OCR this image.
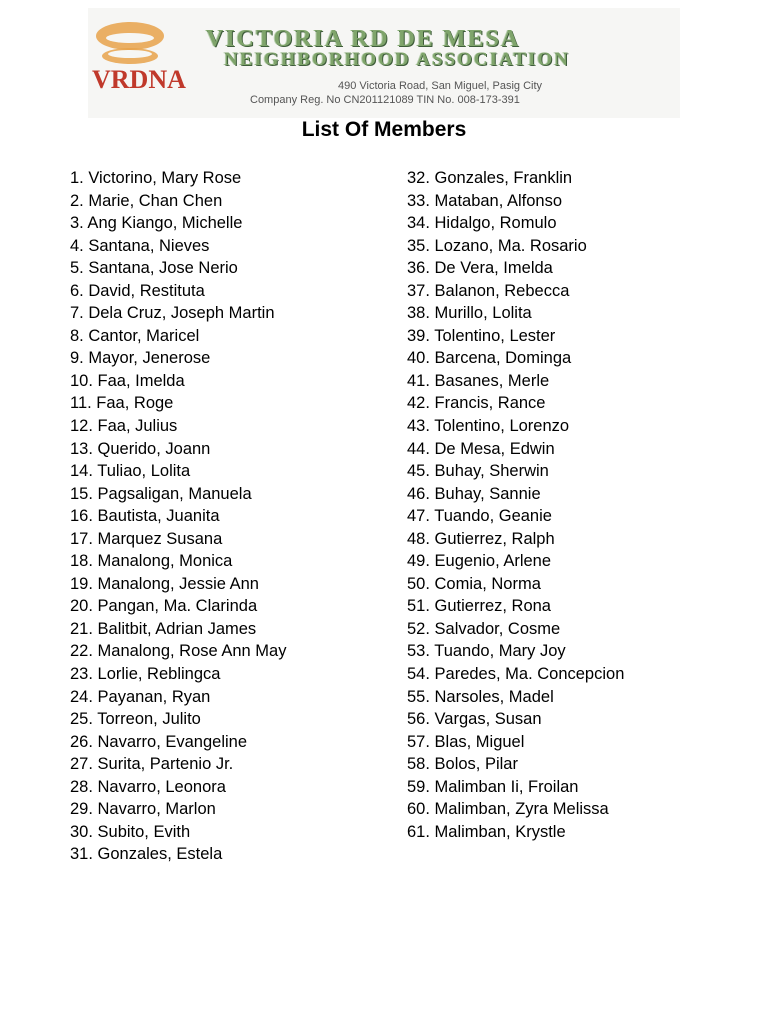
VRDNA
VICTORIA RD DE MESA
NEIGHBORHOOD ASSOCIATION
490 Victoria Road, San Miguel, Pasig City
Company Reg. No CN201121089 TIN No. 008-173-391
List Of Members
1. Victorino, Mary Rose
2. Marie, Chan Chen
3. Ang Kiango, Michelle
4. Santana, Nieves
5. Santana, Jose Nerio
6. David, Restituta
7. Dela Cruz, Joseph Martin
8. Cantor, Maricel
9. Mayor, Jenerose
10. Faa, Imelda
11. Faa, Roge
12. Faa, Julius
13. Querido, Joann
14. Tuliao, Lolita
15. Pagsaligan, Manuela
16. Bautista, Juanita
17. Marquez Susana
18. Manalong, Monica
19. Manalong, Jessie Ann
20. Pangan, Ma. Clarinda
21. Balitbit, Adrian James
22. Manalong, Rose Ann May
23. Lorlie, Reblingca
24. Payanan, Ryan
25. Torreon, Julito
26. Navarro, Evangeline
27. Surita, Partenio Jr.
28. Navarro, Leonora
29. Navarro, Marlon
30. Subito, Evith
31. Gonzales, Estela
32. Gonzales, Franklin
33. Mataban, Alfonso
34. Hidalgo, Romulo
35. Lozano, Ma. Rosario
36. De Vera, Imelda
37. Balanon, Rebecca
38. Murillo, Lolita
39. Tolentino, Lester
40. Barcena, Dominga
41. Basanes, Merle
42. Francis, Rance
43. Tolentino, Lorenzo
44. De Mesa, Edwin
45. Buhay, Sherwin
46. Buhay, Sannie
47. Tuando, Geanie
48. Gutierrez, Ralph
49. Eugenio, Arlene
50. Comia, Norma
51. Gutierrez, Rona
52. Salvador, Cosme
53. Tuando, Mary Joy
54. Paredes, Ma. Concepcion
55. Narsoles, Madel
56. Vargas, Susan
57. Blas, Miguel
58. Bolos, Pilar
59. Malimban Ii, Froilan
60. Malimban, Zyra Melissa
61. Malimban, Krystle
